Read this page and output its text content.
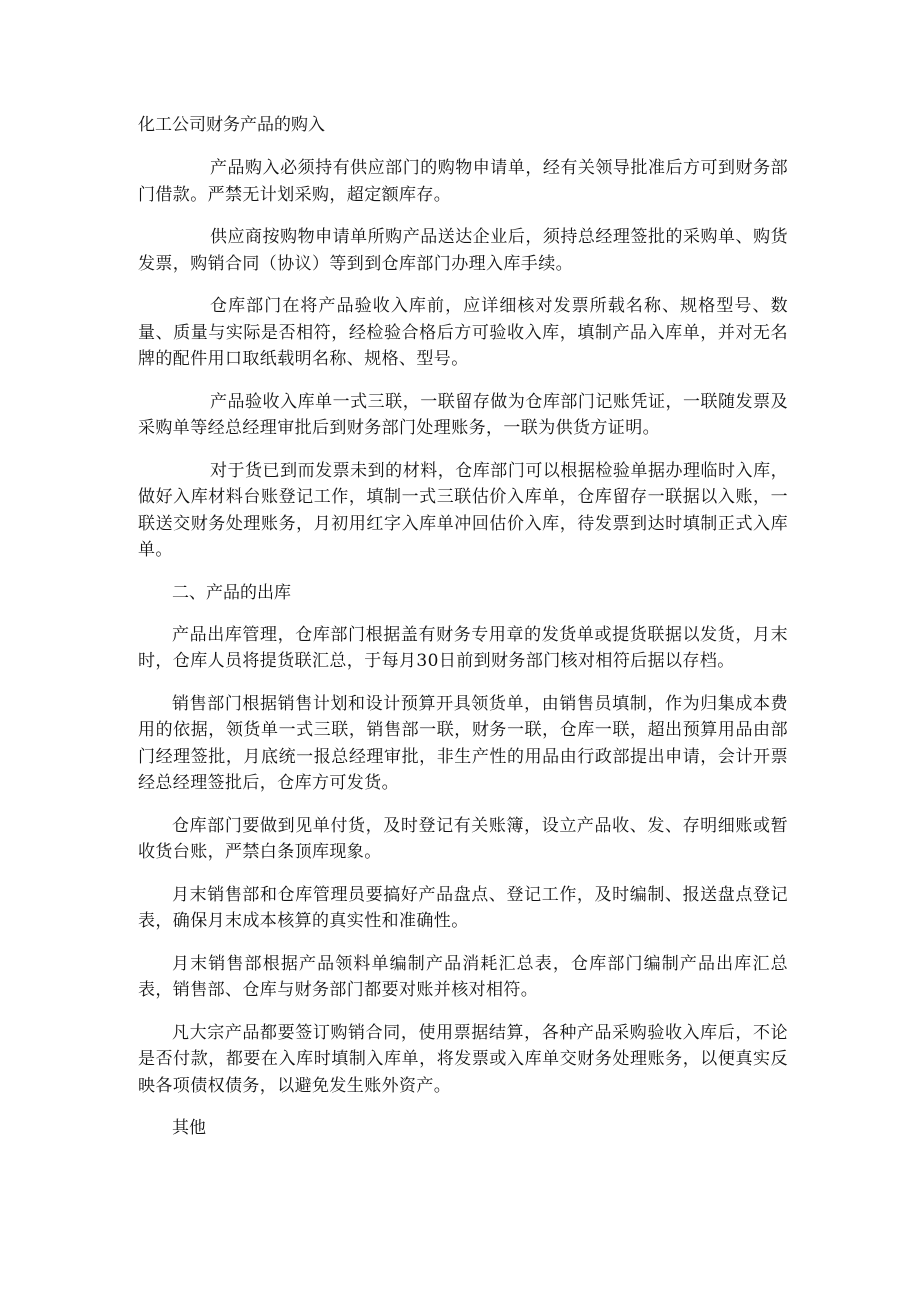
化工公司财务产品的购入

产品购入必须持有供应部门的购物申请单，经有关领导批准后方可到财务部门借款。严禁无计划采购，超定额库存。

供应商按购物申请单所购产品送达企业后，须持总经理签批的采购单、购货发票，购销合同（协议）等到到仓库部门办理入库手续。

仓库部门在将产品验收入库前，应详细核对发票所载名称、规格型号、数量、质量与实际是否相符，经检验合格后方可验收入库，填制产品入库单，并对无名牌的配件用口取纸载明名称、规格、型号。

产品验收入库单一式三联，一联留存做为仓库部门记账凭证，一联随发票及采购单等经总经理审批后到财务部门处理账务，一联为供货方证明。

对于货已到而发票未到的材料，仓库部门可以根据检验单据办理临时入库，做好入库材料台账登记工作，填制一式三联估价入库单，仓库留存一联据以入账，一联送交财务处理账务，月初用红字入库单冲回估价入库，待发票到达时填制正式入库单。

二、产品的出库

产品出库管理，仓库部门根据盖有财务专用章的发货单或提货联据以发货，月末时，仓库人员将提货联汇总，于每月30日前到财务部门核对相符后据以存档。

销售部门根据销售计划和设计预算开具领货单，由销售员填制，作为归集成本费用的依据，领货单一式三联，销售部一联，财务一联，仓库一联，超出预算用品由部门经理签批，月底统一报总经理审批，非生产性的用品由行政部提出申请，会计开票经总经理签批后，仓库方可发货。

仓库部门要做到见单付货，及时登记有关账簿，设立产品收、发、存明细账或暂收货台账，严禁白条顶库现象。

月末销售部和仓库管理员要搞好产品盘点、登记工作，及时编制、报送盘点登记表，确保月末成本核算的真实性和准确性。

月末销售部根据产品领料单编制产品消耗汇总表，仓库部门编制产品出库汇总表，销售部、仓库与财务部门都要对账并核对相符。

凡大宗产品都要签订购销合同，使用票据结算，各种产品采购验收入库后，不论是否付款，都要在入库时填制入库单，将发票或入库单交财务处理账务，以便真实反映各项债权债务，以避免发生账外资产。

其他
